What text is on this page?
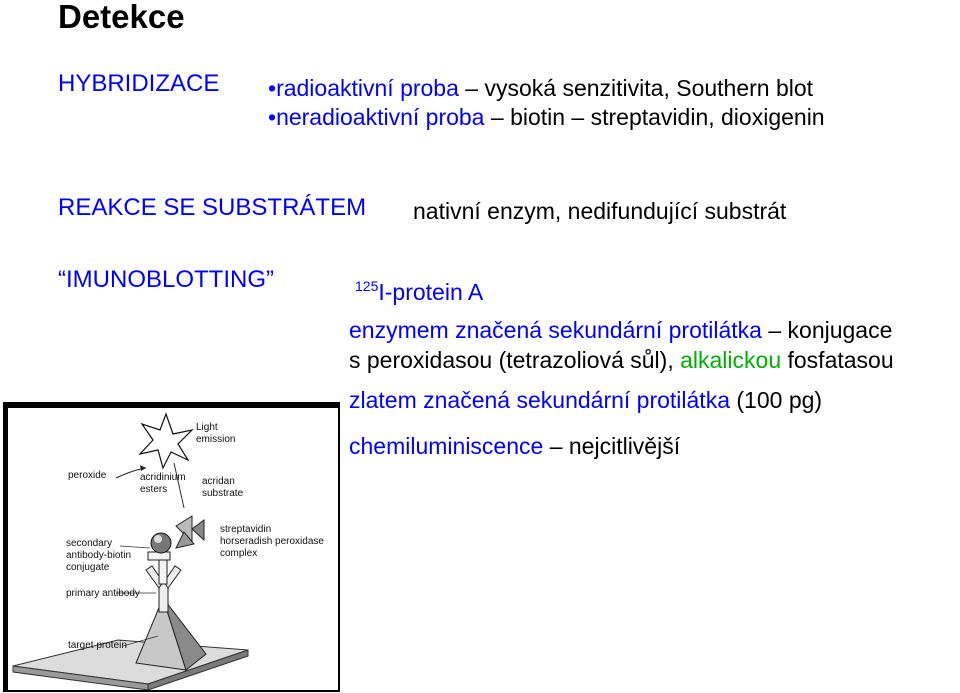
Detekce
HYBRIDIZACE •radioaktivní proba – vysoká senzitivita, Southern blot
•neradioaktivní proba – biotin – streptavidin, dioxigenin
REAKCE SE SUBSTRÁTEM nativní enzym, nedifundující substrát
“IMUNOBLOTTING”	$^{125}$I-protein A
enzymem značená sekundární protilátka – konjugace
s peroxidasou (tetrazoliová sůl), alkalickou fosfatasou
zlatem značená sekundární protilátka (100 pg)
chemiluminiscence – nejcitlivější
Light
emission
peroxide	acridinium
esters
acridan
substrate
streptavidin
horseradish peroxidase
complex
secondary
antibody-biotin
conjugate
primary antibody
target protein
